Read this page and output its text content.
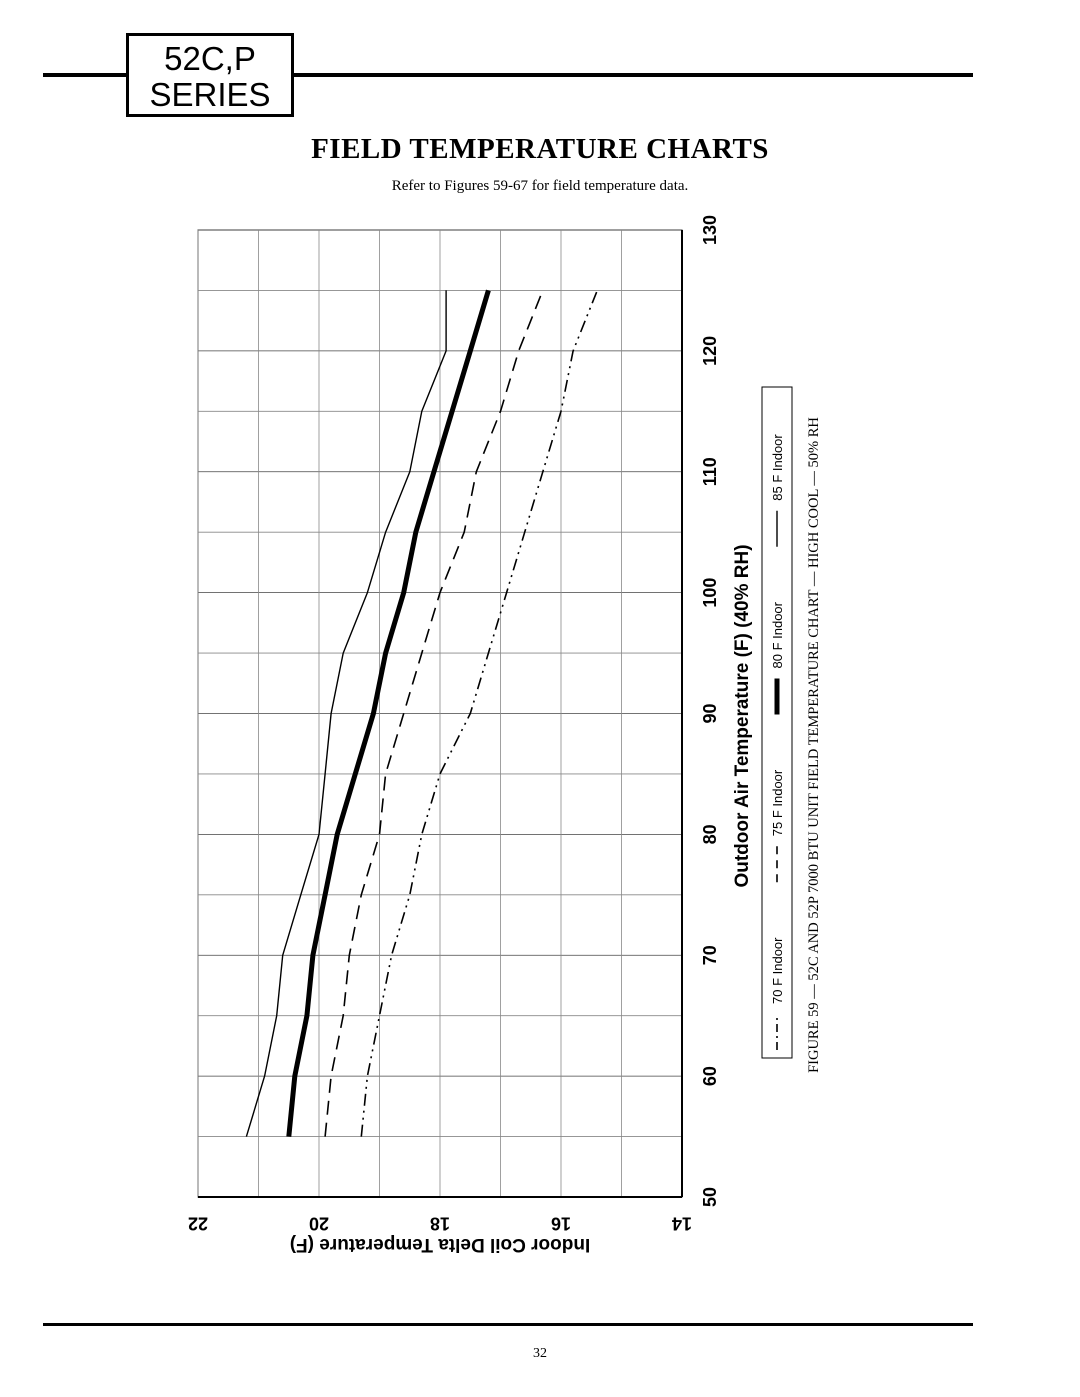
52C,P
SERIES
FIELD TEMPERATURE CHARTS
Refer to Figures 59-67 for field temperature data.
50
60
70
80
90
100
110
120
130
14
16
18
20
22
Outdoor Air Temperature (F) (40% RH)
Indoor Coil Delta Temperature (F)
70 F Indoor
75 F Indoor
80 F Indoor
85 F Indoor FIGURE 59 — 52C AND 52P 7000 BTU UNIT FIELD TEMPERATURE CHART — HIGH COOL — 50% RH
32
